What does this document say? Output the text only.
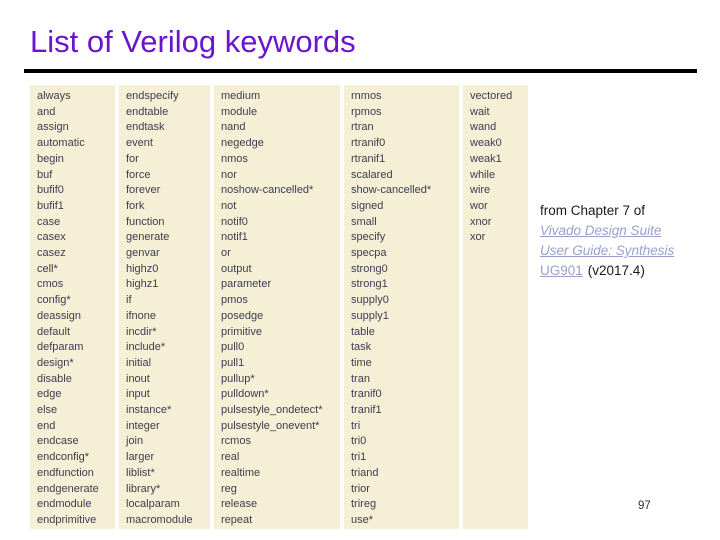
List of Verilog keywords
always
and
assign
automatic
begin
buf
bufif0
bufif1
case
casex
casez
cell*
cmos
config*
deassign
default
defparam
design*
disable
edge
else
end
endcase
endconfig*
endfunction
endgenerate
endmodule
endprimitive
endspecify
endtable
endtask
event
for
force
forever
fork
function
generate
genvar
highz0
highz1
if
ifnone
incdir*
include*
initial
inout
input
instance*
integer
join
larger
liblist*
library*
localparam
macromodule
medium
module
nand
negedge
nmos
nor
noshow-cancelled*
not
notif0
notif1
or
output
parameter
pmos
posedge
primitive
pull0
pull1
pullup*
pulldown*
pulsestyle_ondetect*
pulsestyle_onevent*
rcmos
real
realtime
reg
release
repeat
rnmos
rpmos
rtran
rtranif0
rtranif1
scalared
show-cancelled*
signed
small
specify
specpa
strong0
strong1
supply0
supply1
table
task
time
tran
tranif0
tranif1
tri
tri0
tri1
triand
trior
trireg
use*
vectored
wait
wand
weak0
weak1
while
wire
wor
xnor
xor
from Chapter 7 of
Vivado Design Suite
User Guide: Synthesis
UG901 (v2017.4)
97
